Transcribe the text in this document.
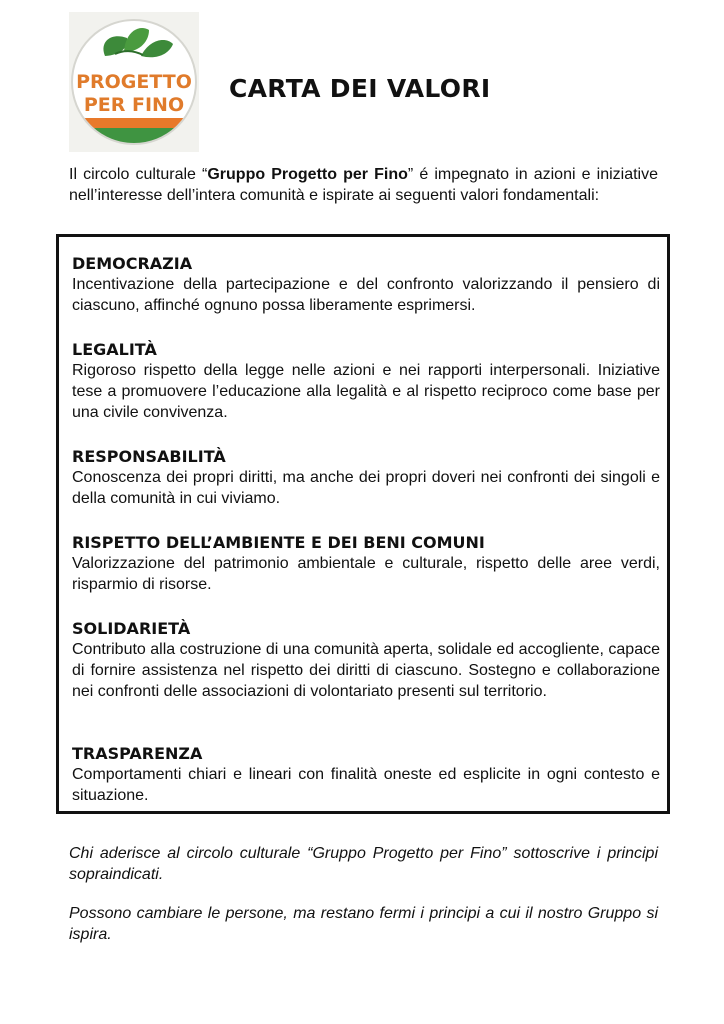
PROGETTO
PER FINO
CARTA DEI VALORI

Il circolo culturale “Gruppo Progetto per Fino” é impegnato in azioni e iniziative nell’interesse dell’intera comunità e ispirate ai seguenti valori fondamentali:

DEMOCRAZIA

Incentivazione della partecipazione e del confronto valorizzando il pensiero di ciascuno, affinché ognuno possa liberamente esprimersi.

LEGALITÀ

Rigoroso rispetto della legge nelle azioni e nei rapporti interpersonali. Iniziative tese a promuovere l’educazione alla legalità e al rispetto reciproco come base per una civile convivenza.

RESPONSABILITÀ

Conoscenza dei propri diritti, ma anche dei propri doveri nei confronti dei singoli e della comunità in cui viviamo.

RISPETTO DELL’AMBIENTE E DEI BENI COMUNI

Valorizzazione del patrimonio ambientale e culturale, rispetto delle aree verdi, risparmio di risorse.

SOLIDARIETÀ

Contributo alla costruzione di una comunità aperta, solidale ed accogliente, capace di fornire assistenza nel rispetto dei diritti di ciascuno. Sostegno e collaborazione nei confronti delle associazioni di volontariato presenti sul territorio.

TRASPARENZA

Comportamenti chiari e lineari con finalità oneste ed esplicite in ogni contesto e situazione.

Chi aderisce al circolo culturale “Gruppo Progetto per Fino” sottoscrive i principi sopraindicati.

Possono cambiare le persone, ma restano fermi i principi a cui il nostro Gruppo si ispira.
